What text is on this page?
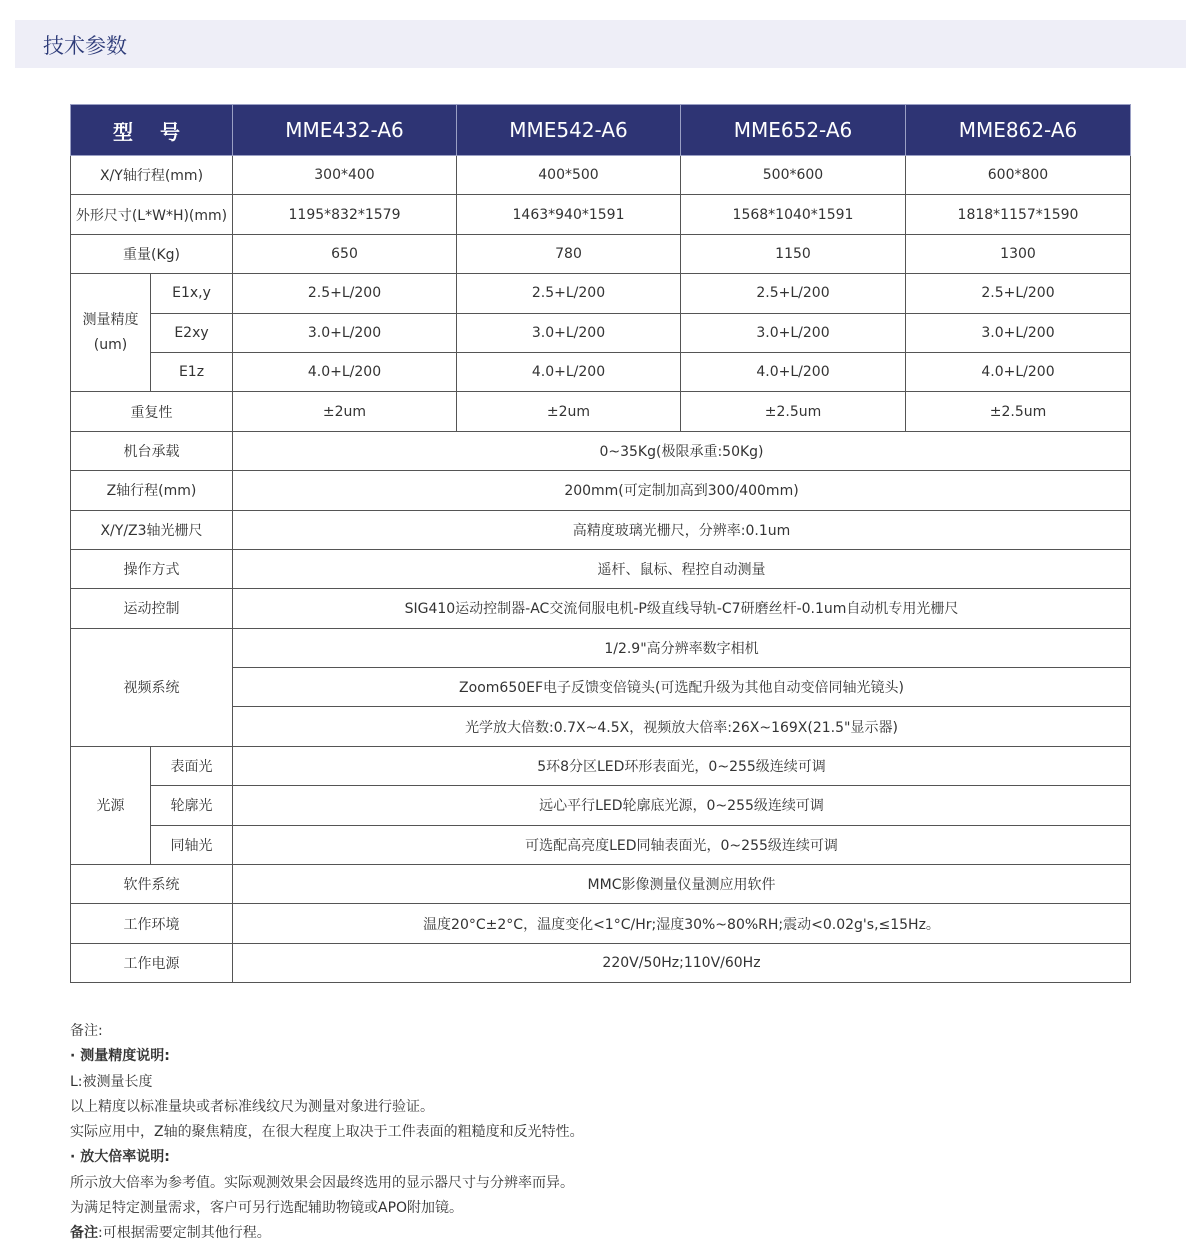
技术参数
型 号		MME432-A6	MME542-A6	MME652-A6	MME862-A6
X/Y轴行程(mm)		300*400	400*500	500*600	600*800
外形尺寸(L*W*H)(mm)		1195*832*1579	1463*940*1591	1568*1040*1591	1818*1157*1590
重量(Kg)		650	780	1150	1300
测量精度
(um)	E1x,y	2.5+L/200	2.5+L/200	2.5+L/200	2.5+L/200
	E2xy	3.0+L/200	3.0+L/200	3.0+L/200	3.0+L/200
	E1z	4.0+L/200	4.0+L/200	4.0+L/200	4.0+L/200
重复性		±2um	±2um	±2.5um	±2.5um
机台承载		0~35Kg(极限承重:50Kg)			
Z轴行程(mm)		200mm(可定制加高到300/400mm)			
X/Y/Z3轴光栅尺		高精度玻璃光栅尺，分辨率:0.1um			
操作方式		遥杆、鼠标、程控自动测量			
运动控制		SIG410运动控制器-AC交流伺服电机-P级直线导轨-C7研磨丝杆-0.1um自动机专用光栅尺			
视频系统		1/2.9"高分辨率数字相机			
		Zoom650EF电子反馈变倍镜头(可选配升级为其他自动变倍同轴光镜头)			
		光学放大倍数:0.7X~4.5X，视频放大倍率:26X~169X(21.5"显示器)			
光源	表面光	5环8分区LED环形表面光，0~255级连续可调			
	轮廓光	远心平行LED轮廓底光源，0~255级连续可调			
	同轴光	可选配高亮度LED同轴表面光，0~255级连续可调			
软件系统		MMC影像测量仪量测应用软件			
工作环境		温度20°C±2°C，温度变化<1°C/Hr;湿度30%~80%RH;震动<0.02g's,≤15Hz。			
工作电源		220V/50Hz;110V/60Hz			
备注:
· 测量精度说明:
L:被测量长度
以上精度以标准量块或者标准线纹尺为测量对象进行验证。
实际应用中，Z轴的聚焦精度，在很大程度上取决于工件表面的粗糙度和反光特性。
· 放大倍率说明:
所示放大倍率为参考值。实际观测效果会因最终选用的显示器尺寸与分辨率而异。
为满足特定测量需求，客户可另行选配辅助物镜或APO附加镜。
备注:可根据需要定制其他行程。
